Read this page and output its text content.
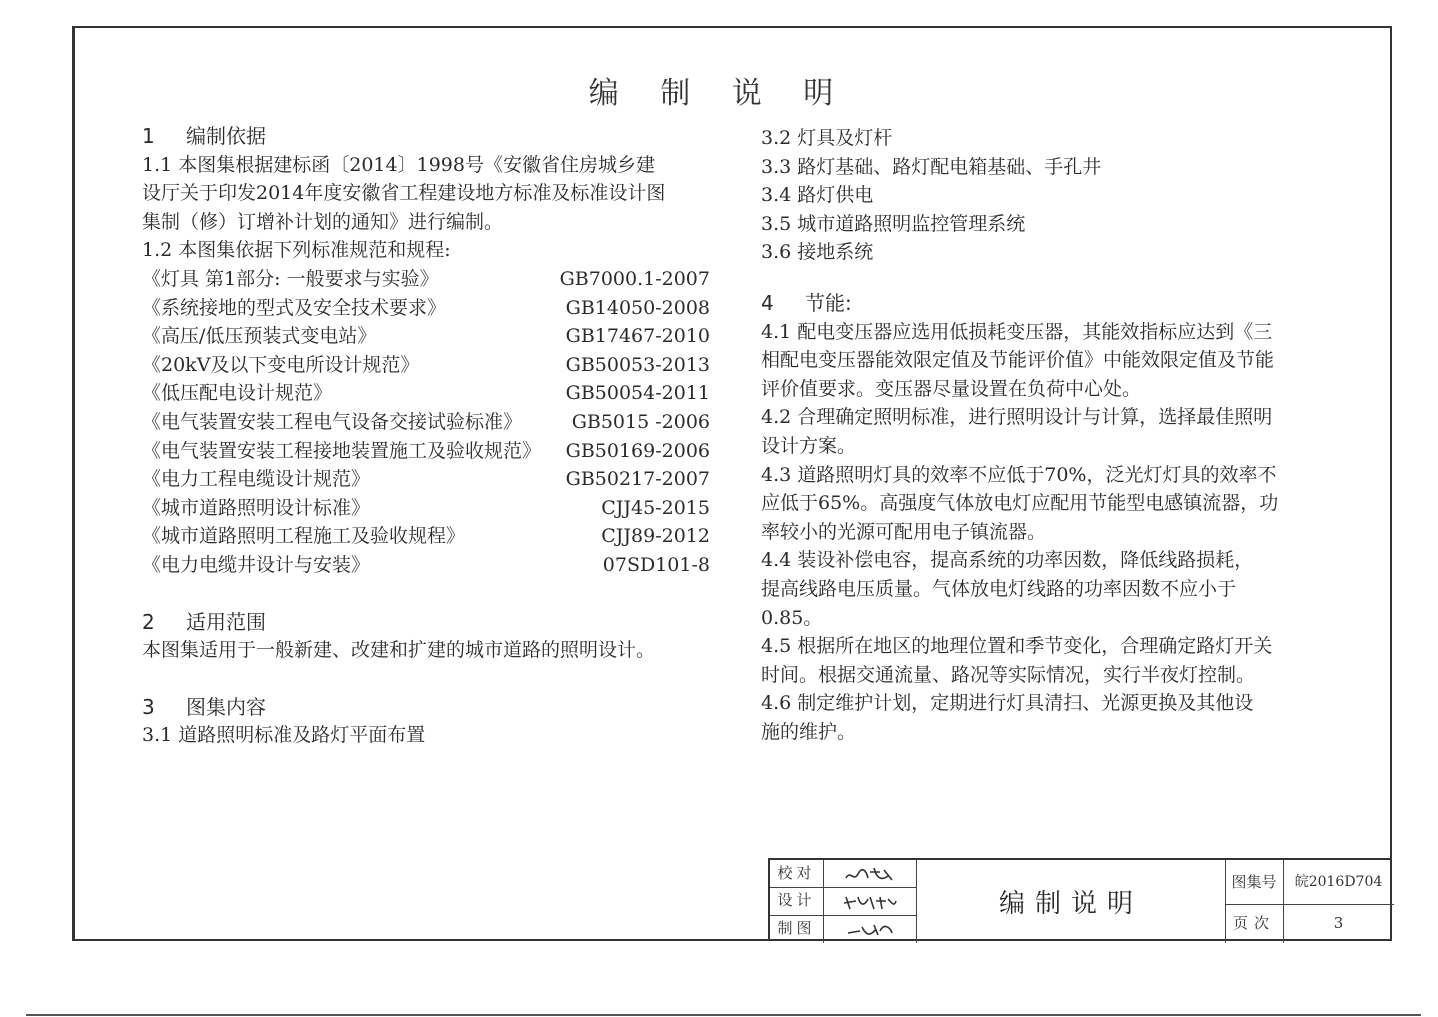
编 制 说 明
1 编制依据
1.1 本图集根据建标函〔2014〕1998号《安徽省住房城乡建
设厅关于印发2014年度安徽省工程建设地方标准及标准设计图
集制（修）订增补计划的通知》进行编制。
1.2 本图集依据下列标准规范和规程:
《灯具 第1部分: 一般要求与实验》	GB7000.1-2007
《系统接地的型式及安全技术要求》	GB14050-2008
《高压/低压预装式变电站》	GB17467-2010
《20kV及以下变电所设计规范》	GB50053-2013
《低压配电设计规范》	GB50054-2011
《电气装置安装工程电气设备交接试验标准》	GB5015 -2006
《电气装置安装工程接地装置施工及验收规范》 GB50169-2006
《电力工程电缆设计规范》	GB50217-2007
《城市道路照明设计标准》	CJJ45-2015
《城市道路照明工程施工及验收规程》	CJJ89-2012
《电力电缆井设计与安装》	07SD101-8
2 适用范围
本图集适用于一般新建、改建和扩建的城市道路的照明设计。
3 图集内容
3.1 道路照明标准及路灯平面布置
3.2 灯具及灯杆
3.3 路灯基础、路灯配电箱基础、手孔井
3.4 路灯供电
3.5 城市道路照明监控管理系统
3.6 接地系统
4 节能:
4.1 配电变压器应选用低损耗变压器，其能效指标应达到《三
相配电变压器能效限定值及节能评价值》中能效限定值及节能
评价值要求。变压器尽量设置在负荷中心处。
4.2 合理确定照明标准，进行照明设计与计算，选择最佳照明
设计方案。
4.3 道路照明灯具的效率不应低于70%，泛光灯灯具的效率不
应低于65%。高强度气体放电灯应配用节能型电感镇流器，功
率较小的光源可配用电子镇流器。
4.4 装设补偿电容，提高系统的功率因数，降低线路损耗，
提高线路电压质量。气体放电灯线路的功率因数不应小于
0.85。
4.5 根据所在地区的地理位置和季节变化，合理确定路灯开关
时间。根据交通流量、路况等实际情况，实行半夜灯控制。
4.6 制定维护计划，定期进行灯具清扫、光源更换及其他设
施的维护。
校对
设计
制图
编制说明
图集号	皖2016D704
页次	3
